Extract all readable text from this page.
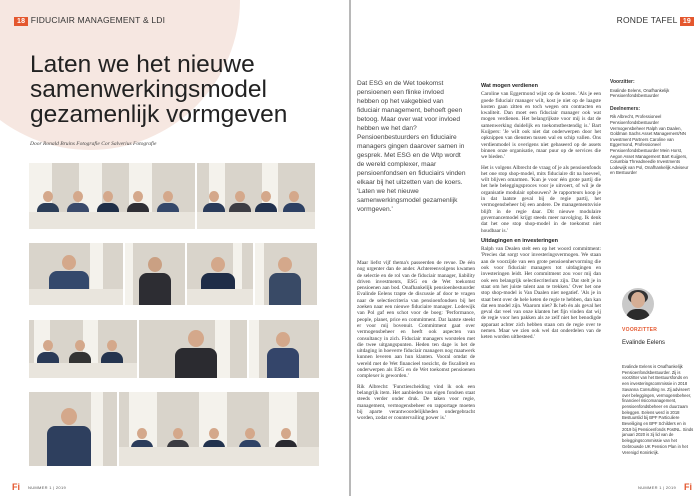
18 FIDUCIAIR MANAGEMENT & LDI
Laten we het nieuwe samenwerkingsmodel gezamenlijk vormgeven
Door Ronald Bruins Fotografie Cor Salverius Fotografie
Fi NUMMER 1 | 2019
RONDE TAFEL 19
Dat ESG en de Wet toekomst pensioenen een flinke invloed hebben op het vakgebied van fiduciair management, behoeft geen betoog. Maar over wat voor invloed hebben we het dan? Pensioenbestuurders en fiduciaire managers gingen daarover samen in gesprek. Met ESG en de Wtp wordt de wereld complexer, maar pensioenfondsen en fiduciairs vinden elkaar bij het uitzetten van de koers. 'Laten we het nieuwe samenwerkingsmodel gezamenlijk vormgeven.'

Maar liefst vijf thema's passeerden de revue. De één nog urgenter dan de ander. Achtereenvolgens kwamen de selectie en de rol van de fiduciair manager, liability driven investments, ESG en de Wet toekomst pensioenen aan bod. Onafhankelijk pensioenbestuurder Evalinde Eelens trapte de discussie af door te vragen naar de selectiecriteria van pensioenfondsen bij het zoeken naar een nieuwe fiduciaire manager. Lodewijk van Pol gaf een schot voor de boeg: 'Performance, people, planet, price en commitment. Dat laatste steekt er voor mij bovenuit. Commitment gaat over vermogensbeheer en heeft ook aspecten van consultancy in zich. Fiduciair managers worstelen met die twee uitgangspunten. Heden ten dage is het de uitdaging in hoeverre fiduciair managers nog maatwerk kunnen leveren aan hun klanten. Vooral omdat de wereld met de Wet financieel toezicht, de fiscaliteit en onderwerpen als ESG en de Wet toekomst pensioenen complexer is geworden.'

Rik Albrecht: 'Functiescheiding vind ik ook een belangrijk item. Het aanbieden van eigen fondsen staat steeds verder onder druk. De taken voor regie, management, vermogensbeheer en rapportage moeten bij aparte verantwoordelijkheden ondergebracht worden, zodat er countervailing power is.'

Wat mogen verdienen

Caroline van Eggermond wijst op de kosten. 'Als je een goede fiduciair manager wilt, kost je niet op de laagste kosten gaan zitten en toch wegen om contracten en kwaliteit. Dan moet een fiduciair manager ook wat mogen verdienen. Het belangrijkste voor mij is dat de samenwerking duidelijk en toekomstbestendig is.' Bart Kuijpers: 'Je wilt ook niet dat onderwerpen door het opknippen van diensten tussen wal en schip vallen. Ons verdienmodel is overigens niet gebaseerd op de assets binnen onze organisatie, maar puur op de services die we bieden.'

Het is volgens Albrecht de vraag of je als pensioenfonds het one stop shop-model, mits fiduciaire dit na hoeveel, wilt blijven omarmen. 'Kun je voor één grote partij die het hele beleggingsproces voor je uitvoert, of wil je de organisatie modulair opbouwen? Je rapporteurs koop je in dat laatste geval bij de regie partij, het vermogensbeheer bij een andere. De managementsvisie blijft in de regie daar. Dit nieuwe modulaire governancemodel krijgt steeds meer navolging. Ik denk dat het one stop shop-model in de toekomst niet houdbaar is.'

Uitdagingen en investeringen

Ralph van Dealen stelt een op het woord commitment: 'Precies dat sorgt voor investeringsvermogen. We staan aan de voorzijde van een grote pensioenhervorming die ook voor fiduciair managers tot uitdagingen en investeringen leidt. Het commitment zou voor mij dan ook een belangrijk selectiecriterium zijn. Dat stelt je in staat om het juiste talent aan te trekken.' Over het one stop shop-model is Van Daalen niet negatief. 'Als je in staat bent over de hele keten de regie te hebben, dan kan dat een model zijn. Waarom niet? Ik heb én als geval het geval dat veel van onze klanten het fijn vinden dat wij de regie voor hen pakken als ze zelf niet het benodigde apparaat achter zich hebben staan om de regie over te nemen. Maar we zien ook wel dat onderdelen van de keten worden uitbesteed.'

Voorzitter:
Evalinde Eelens, Onafhankelijk Pensioenfondsbestuurder
Deelnemers:
Rik Albrecht, Professioneel Pensioenfondsbestuurder Vermogensbeheer Ralph van Daalen, Goldman Sachs Asset Management/NN Investment Partners Caroline van Eggermond, Professioneel Pensioenfondsbestuurder Mein Horst, Aegon Asset Management Bart Kuijpers, Columbia Threadneedle Investments Lodewijk van Pol, Onafhankelijk Adviseur en Bestuurder
VOORZITTER
Evalinde Eelens
Evalinde Eelens is Onafhankelijk Pensioenfondsbestuurder. Zij is voorzitter van het Bestuursfonds en een investeringscommissie in 2018 Savanna Consulting nv. Zij adviseert over beleggingen, vermogensbeheer, financieel risicomanagement, pensioenfondsbeheer en duurzaam beleggen. Eelens werd in 2018 Bestuurslid bij BPF Particuliere Beveiliging en BPF Schilders en in 2019 bij Pensioenfonds PostNL. Sinds januari 2020 is zij lid van de beleggingscommissie van het Gebrouwde UK Pension Plan in het Verenigd Koninkrijk.
NUMMER 1 | 2019 Fi
